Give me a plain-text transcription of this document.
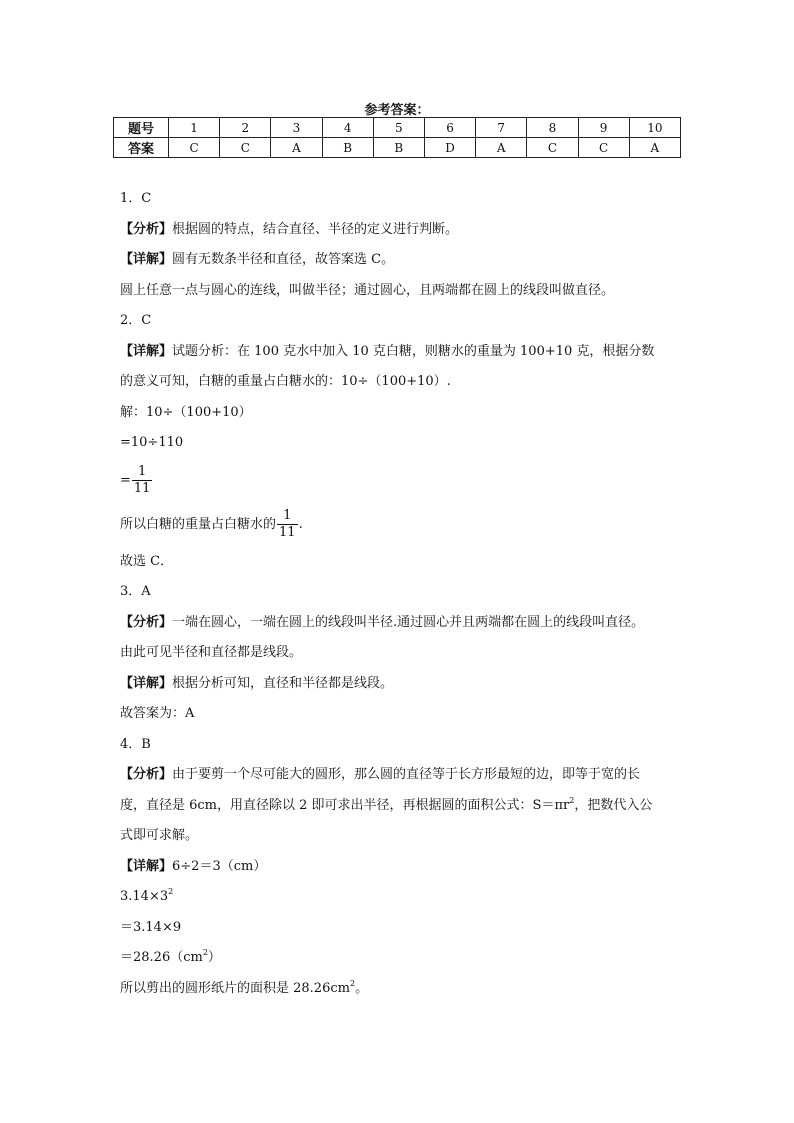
参考答案：
题号	1	2	3	4	5	6	7	8	9	10
答案	C	C	A	B	B	D	A	C	C	A
1．C
【分析】根据圆的特点，结合直径、半径的定义进行判断。
【详解】圆有无数条半径和直径，故答案选 C。
圆上任意一点与圆心的连线，叫做半径；通过圆心，且两端都在圆上的线段叫做直径。
2．C
【详解】试题分析：在 100 克水中加入 10 克白糖，则糖水的重量为 100+10 克，根据分数
的意义可知，白糖的重量占白糖水的：10÷（100+10）.
解：10÷（100+10）
=10÷110
= $\frac{1}{11}$
所以白糖的重量占白糖水的 $\frac{1}{11}$ .
故选 C．
3．A
【分析】一端在圆心，一端在圆上的线段叫半径.通过圆心并且两端都在圆上的线段叫直径。
由此可见半径和直径都是线段。
【详解】根据分析可知，直径和半径都是线段。
故答案为：A
4．B
【分析】由于要剪一个尽可能大的圆形，那么圆的直径等于长方形最短的边，即等于宽的长
度，直径是 6cm，用直径除以 2 即可求出半径，再根据圆的面积公式：$S=\pi r^2$，把数代入公
式即可求解。
【详解】6÷2＝3（cm）
$3.14\times 3^2$
＝3.14×9
$=28.26(cm^2)$
所以剪出的圆形纸片的面积是 $28.26cm^2$。
